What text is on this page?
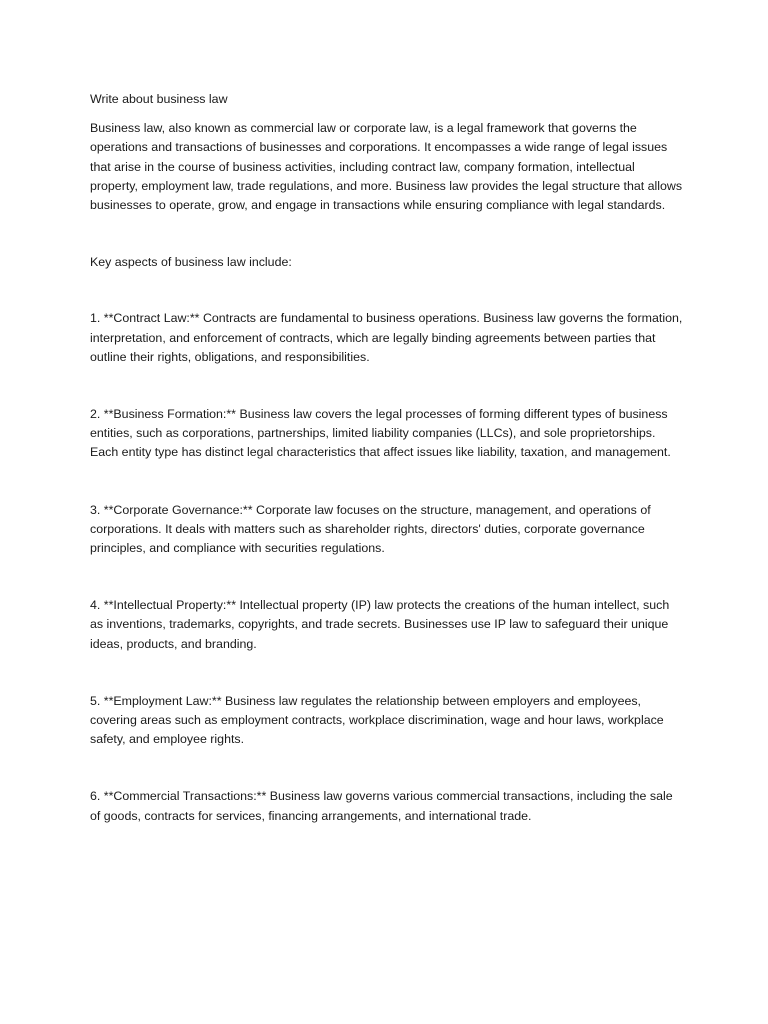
Write about business law

Business law, also known as commercial law or corporate law, is a legal framework that governs the operations and transactions of businesses and corporations. It encompasses a wide range of legal issues that arise in the course of business activities, including contract law, company formation, intellectual property, employment law, trade regulations, and more. Business law provides the legal structure that allows businesses to operate, grow, and engage in transactions while ensuring compliance with legal standards.

Key aspects of business law include:

1. **Contract Law:** Contracts are fundamental to business operations. Business law governs the formation, interpretation, and enforcement of contracts, which are legally binding agreements between parties that outline their rights, obligations, and responsibilities.

2. **Business Formation:** Business law covers the legal processes of forming different types of business entities, such as corporations, partnerships, limited liability companies (LLCs), and sole proprietorships. Each entity type has distinct legal characteristics that affect issues like liability, taxation, and management.

3. **Corporate Governance:** Corporate law focuses on the structure, management, and operations of corporations. It deals with matters such as shareholder rights, directors' duties, corporate governance principles, and compliance with securities regulations.

4. **Intellectual Property:** Intellectual property (IP) law protects the creations of the human intellect, such as inventions, trademarks, copyrights, and trade secrets. Businesses use IP law to safeguard their unique ideas, products, and branding.

5. **Employment Law:** Business law regulates the relationship between employers and employees, covering areas such as employment contracts, workplace discrimination, wage and hour laws, workplace safety, and employee rights.

6. **Commercial Transactions:** Business law governs various commercial transactions, including the sale of goods, contracts for services, financing arrangements, and international trade.
